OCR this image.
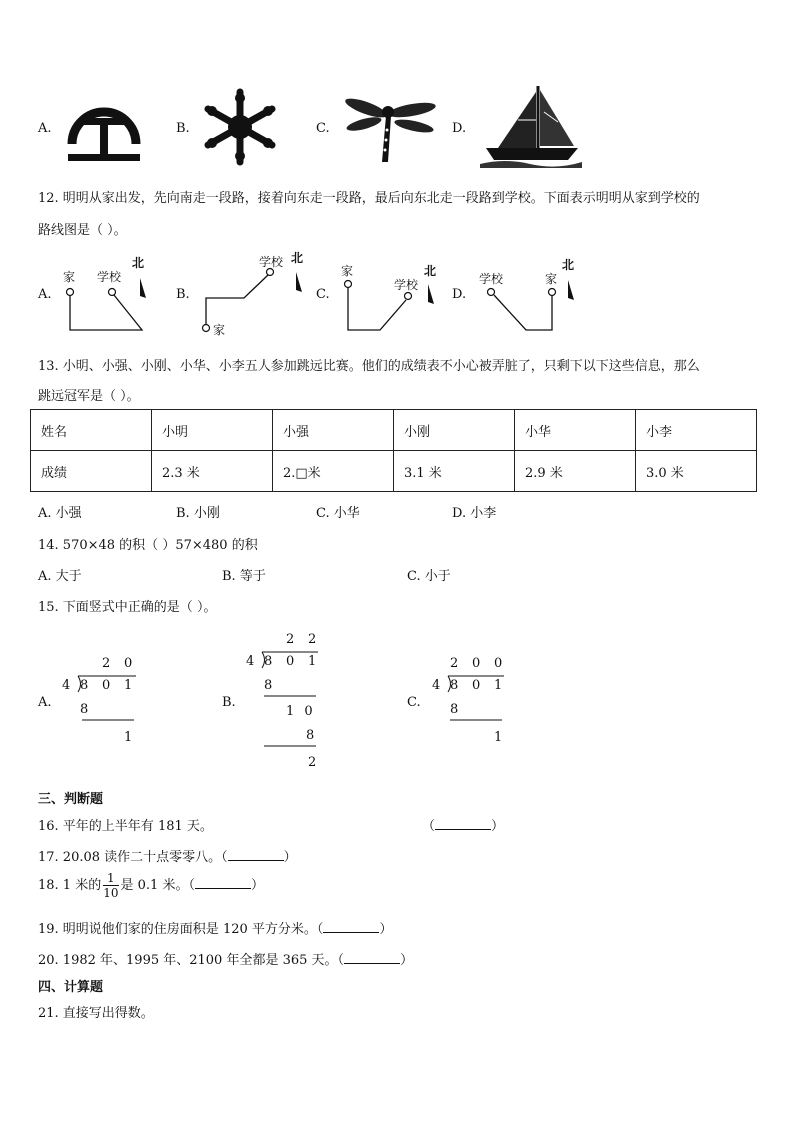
A.	B.	C.	D.
12. 明明从家出发，先向南走一段路，接着向东走一段路，最后向东北走一段路到学校。下面表示明明从家到学校的
路线图是（ ）。
A.
家 学校
北
B.
学校 北
家
C.
家
学校
北
D.
学校	家
北
13. 小明、小强、小刚、小华、小李五人参加跳远比赛。他们的成绩表不小心被弄脏了，只剩下以下这些信息，那么
跳远冠军是（ ）。
姓名	小明	小强	小刚	小华	小李
成绩	2.3 米	2.□米	3.1 米	2.9 米	3.0 米
A. 小强	B. 小刚	C. 小华	D. 小李
14. 570×48 的积（ ）57×480 的积
A. 大于	B. 等于	C. 小于
15. 下面竖式中正确的是（ ）。
A.
2 0
4 8 0 1
8
1
B.
2 2
4 8 0 1
8
1 0
8
2
C.
2 0 0
4 8 0 1
8
1
三、判断题
16. 平年的上半年有 181 天。	（	）
17. 20.08 读作二十点零零八。（	）
18. 1 米的 $\frac{1}{10}$ 是 0.1 米。（	）
19. 明明说他们家的住房面积是 120 平方分米。（	）
20. 1982 年、1995 年、2100 年全都是 365 天。（	）
四、计算题
21. 直接写出得数。
